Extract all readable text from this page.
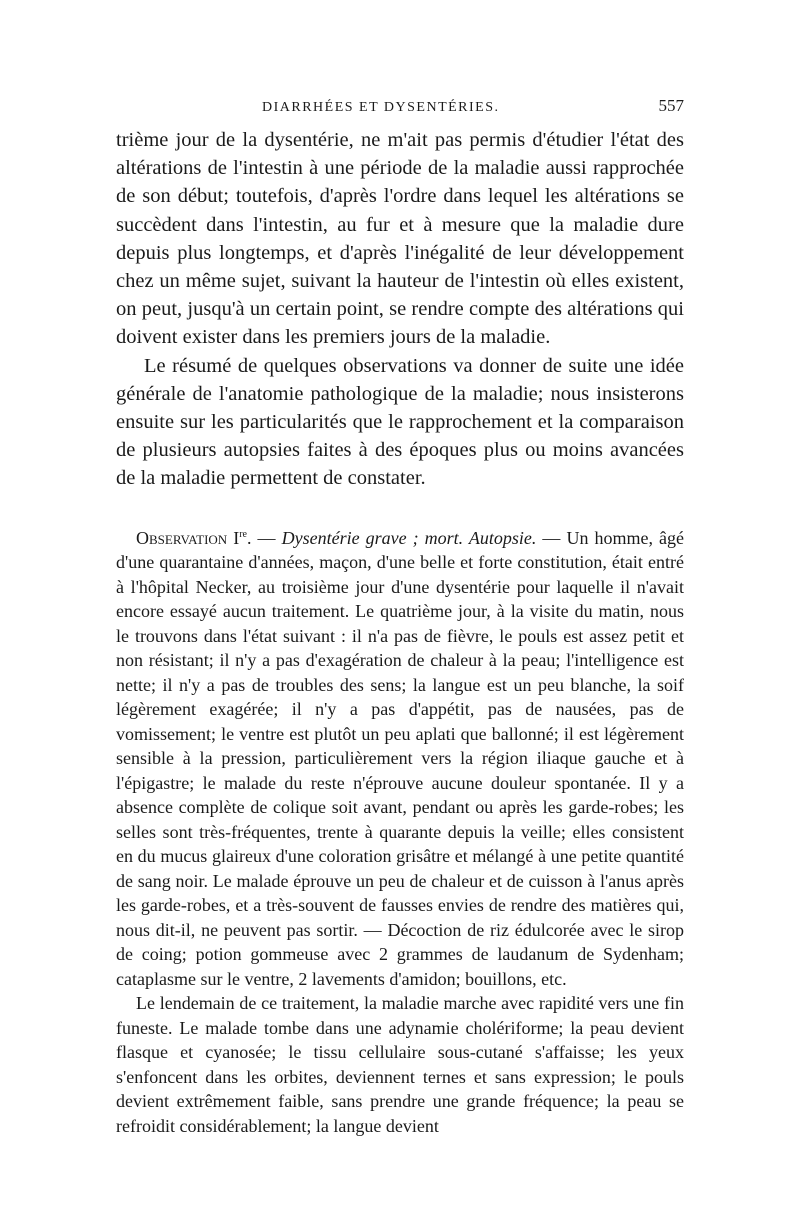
DIARRHÉES ET DYSENTÉRIES.	557

trième jour de la dysentérie, ne m'ait pas permis d'étudier l'état des altérations de l'intestin à une période de la maladie aussi rapprochée de son début; toutefois, d'après l'ordre dans lequel les altérations se succèdent dans l'intestin, au fur et à mesure que la maladie dure depuis plus longtemps, et d'après l'inégalité de leur développement chez un même sujet, suivant la hauteur de l'intestin où elles existent, on peut, jusqu'à un certain point, se rendre compte des altérations qui doivent exister dans les premiers jours de la maladie.

Le résumé de quelques observations va donner de suite une idée générale de l'anatomie pathologique de la maladie; nous insisterons ensuite sur les particularités que le rapprochement et la comparaison de plusieurs autopsies faites à des époques plus ou moins avancées de la maladie permettent de constater.

Observation Ire. — Dysentérie grave ; mort. Autopsie. — Un homme, âgé d'une quarantaine d'années, maçon, d'une belle et forte constitution, était entré à l'hôpital Necker, au troisième jour d'une dysentérie pour laquelle il n'avait encore essayé aucun traitement. Le quatrième jour, à la visite du matin, nous le trouvons dans l'état suivant : il n'a pas de fièvre, le pouls est assez petit et non résistant; il n'y a pas d'exagération de chaleur à la peau; l'intelligence est nette; il n'y a pas de troubles des sens; la langue est un peu blanche, la soif légèrement exagérée; il n'y a pas d'appétit, pas de nausées, pas de vomissement; le ventre est plutôt un peu aplati que ballonné; il est légèrement sensible à la pression, particulièrement vers la région iliaque gauche et à l'épigastre; le malade du reste n'éprouve aucune douleur spontanée. Il y a absence complète de colique soit avant, pendant ou après les garde-robes; les selles sont très-fréquentes, trente à quarante depuis la veille; elles consistent en du mucus glaireux d'une coloration grisâtre et mélangé à une petite quantité de sang noir. Le malade éprouve un peu de chaleur et de cuisson à l'anus après les garde-robes, et a très-souvent de fausses envies de rendre des matières qui, nous dit-il, ne peuvent pas sortir. — Décoction de riz édulcorée avec le sirop de coing; potion gommeuse avec 2 grammes de laudanum de Sydenham; cataplasme sur le ventre, 2 lavements d'amidon; bouillons, etc.

Le lendemain de ce traitement, la maladie marche avec rapidité vers une fin funeste. Le malade tombe dans une adynamie cholériforme; la peau devient flasque et cyanosée; le tissu cellulaire sous-cutané s'affaisse; les yeux s'enfoncent dans les orbites, deviennent ternes et sans expression; le pouls devient extrêmement faible, sans prendre une grande fréquence; la peau se refroidit considérablement; la langue devient
